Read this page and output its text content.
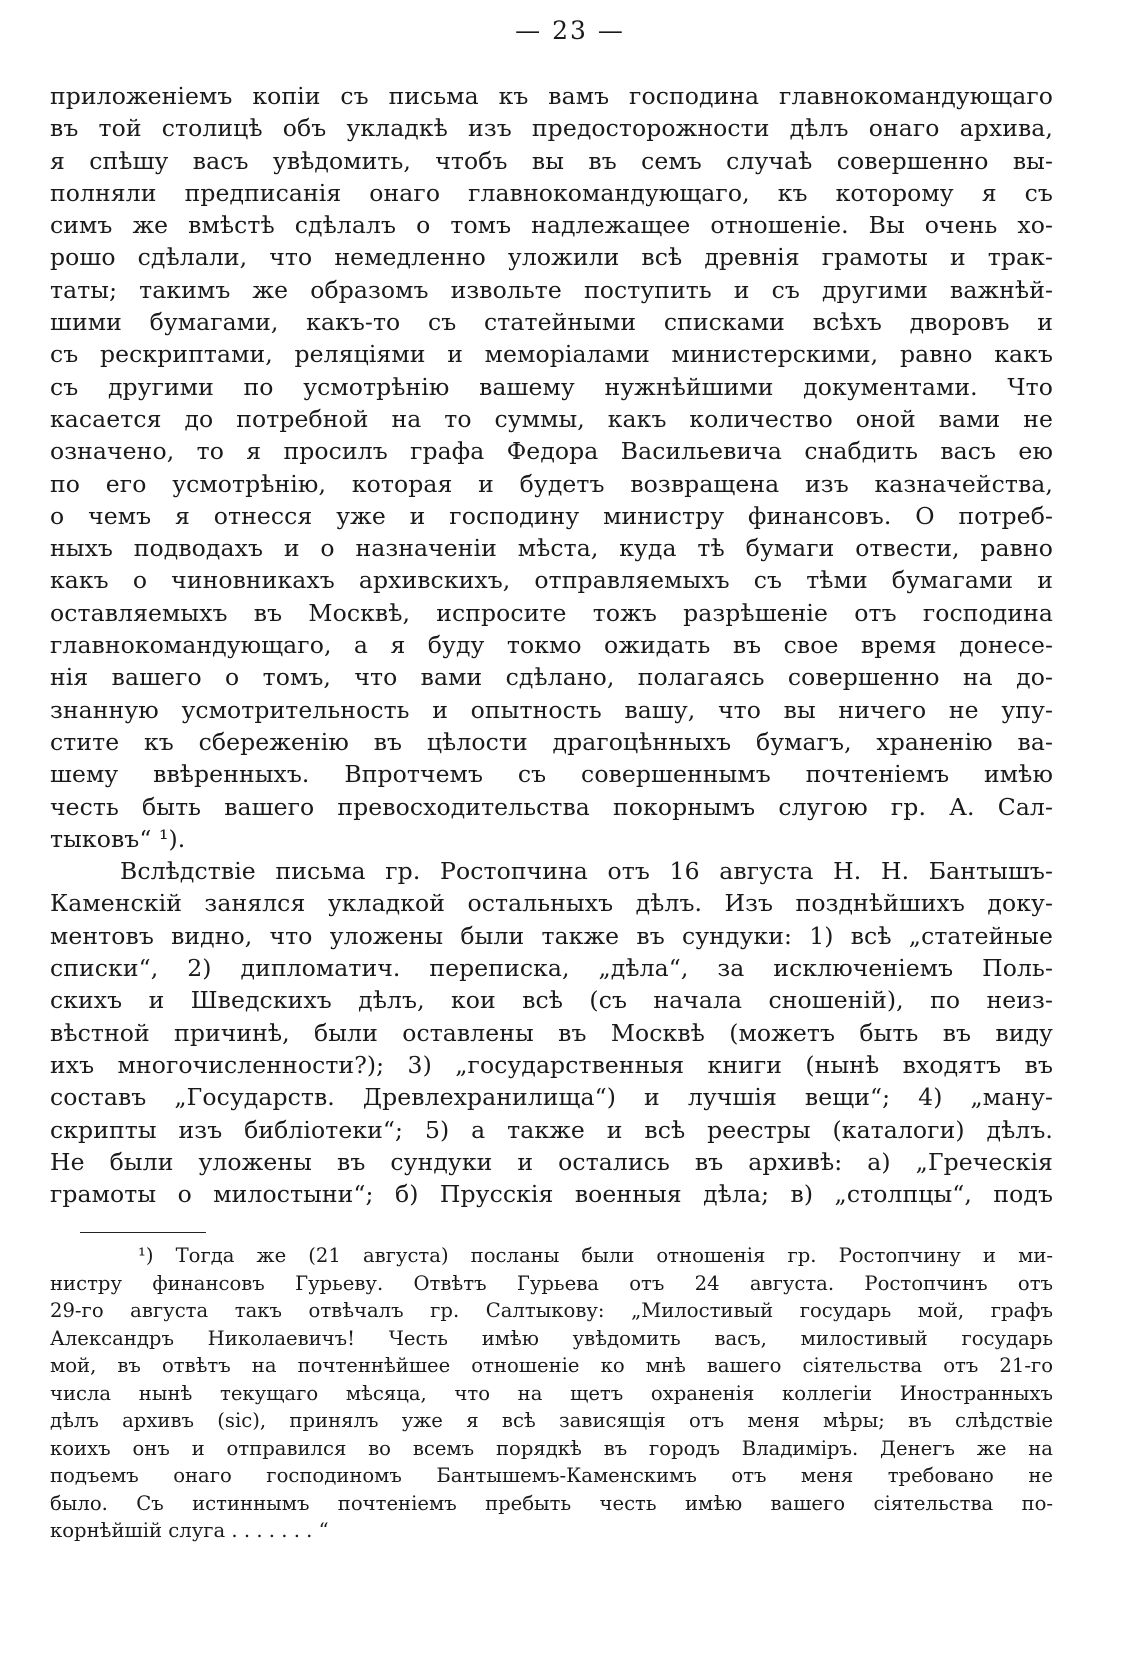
— 23 —
приложеніемъ копіи съ письма къ вамъ господина главнокомандующаго
въ той столицѣ объ укладкѣ изъ предосторожности дѣлъ онаго архива,
я спѣшу васъ увѣдомить, чтобъ вы въ семъ случаѣ совершенно вы-
полняли предписанія онаго главнокомандующаго, къ которому я съ
симъ же вмѣстѣ сдѣлалъ о томъ надлежащее отношеніе. Вы очень хо-
рошо сдѣлали, что немедленно уложили всѣ древнія грамоты и трак-
таты; такимъ же образомъ извольте поступить и съ другими важнѣй-
шими бумагами, какъ-то съ статейными списками всѣхъ дворовъ и
съ рескриптами, реляціями и меморіалами министерскими, равно какъ
съ другими по усмотрѣнію вашему нужнѣйшими документами. Что
касается до потребной на то суммы, какъ количество оной вами не
означено, то я просилъ графа Федора Васильевича снабдить васъ ею
по его усмотрѣнію, которая и будетъ возвращена изъ казначейства,
о чемъ я отнесся уже и господину министру финансовъ. О потреб-
ныхъ подводахъ и о назначеніи мѣста, куда тѣ бумаги отвести, равно
какъ о чиновникахъ архивскихъ, отправляемыхъ съ тѣми бумагами и
оставляемыхъ въ Москвѣ, испросите тожъ разрѣшеніе отъ господина
главнокомандующаго, а я буду токмо ожидать въ свое время донесе-
нія вашего о томъ, что вами сдѣлано, полагаясь совершенно на до-
знанную усмотрительность и опытность вашу, что вы ничего не упу-
стите къ сбереженію въ цѣлости драгоцѣнныхъ бумагъ, храненію ва-
шему ввѣренныхъ. Впротчемъ съ совершеннымъ почтеніемъ имѣю
честь быть вашего превосходительства покорнымъ слугою гр. А. Сал-
тыковъ“ ¹).
Вслѣдствіе письма гр. Ростопчина отъ 16 августа Н. Н. Бантышъ-
Каменскій занялся укладкой остальныхъ дѣлъ. Изъ позднѣйшихъ доку-
ментовъ видно, что уложены были также въ сундуки: 1) всѣ „статейные
списки“, 2) дипломатич. переписка, „дѣла“, за исключеніемъ Поль-
скихъ и Шведскихъ дѣлъ, кои всѣ (съ начала сношеній), по неиз-
вѣстной причинѣ, были оставлены въ Москвѣ (можетъ быть въ виду
ихъ многочисленности?); 3) „государственныя книги (нынѣ входятъ въ
составъ „Государств. Древлехранилища“) и лучшія вещи“; 4) „ману-
скрипты изъ библіотеки“; 5) а также и всѣ реестры (каталоги) дѣлъ.
Не были уложены въ сундуки и остались въ архивѣ: а) „Греческія
грамоты о милостыни“; б) Прусскія военныя дѣла; в) „столпцы“, подъ
¹) Тогда же (21 августа) посланы были отношенія гр. Ростопчину и ми-
нистру финансовъ Гурьеву. Отвѣтъ Гурьева отъ 24 августа. Ростопчинъ отъ
29-го августа такъ отвѣчалъ гр. Салтыкову: „Милостивый государь мой, графъ
Александръ Николаевичъ! Честь имѣю увѣдомить васъ, милостивый государь
мой, въ отвѣтъ на почтеннѣйшее отношеніе ко мнѣ вашего сіятельства отъ 21-го
числа нынѣ текущаго мѣсяца, что на щетъ охраненія коллегіи Иностранныхъ
дѣлъ архивъ (sic), принялъ уже я всѣ зависящія отъ меня мѣры; въ слѣдствіе
коихъ онъ и отправился во всемъ порядкѣ въ городъ Владиміръ. Денегъ же на
подъемъ онаго господиномъ Бантышемъ-Каменскимъ отъ меня требовано не
было. Съ истиннымъ почтеніемъ пребыть честь имѣю вашего сіятельства по-
корнѣйшій слуга . . . . . . . “
